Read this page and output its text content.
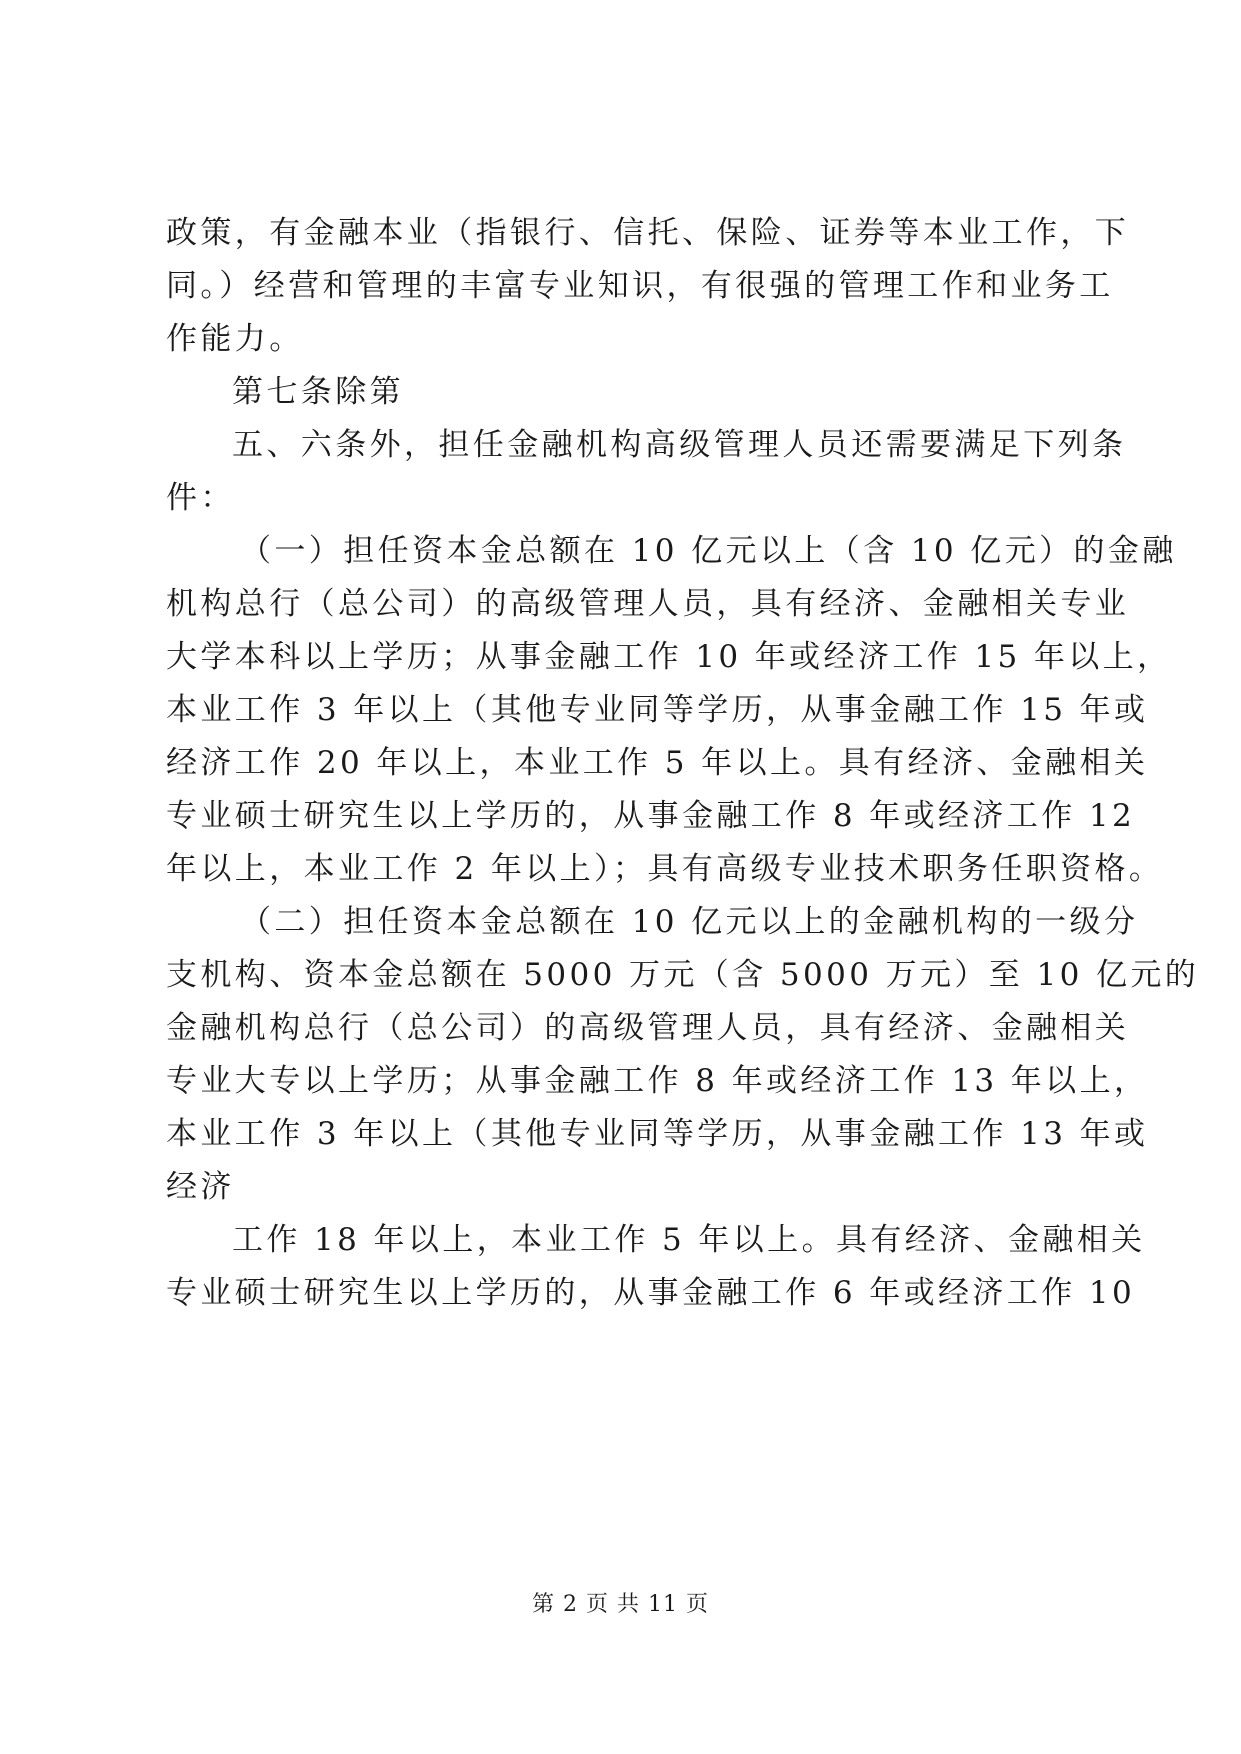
政策，有金融本业（指银行、信托、保险、证券等本业工作，下
同。）经营和管理的丰富专业知识，有很强的管理工作和业务工
作能力。
第七条除第
五、六条外，担任金融机构高级管理人员还需要满足下列条
件：
（一）担任资本金总额在 10 亿元以上（含 10 亿元）的金融
机构总行（总公司）的高级管理人员，具有经济、金融相关专业
大学本科以上学历；从事金融工作 10 年或经济工作 15 年以上，
本业工作 3 年以上（其他专业同等学历，从事金融工作 15 年或
经济工作 20 年以上，本业工作 5 年以上。具有经济、金融相关
专业硕士研究生以上学历的，从事金融工作 8 年或经济工作 12
年以上，本业工作 2 年以上）；具有高级专业技术职务任职资格。
（二）担任资本金总额在 10 亿元以上的金融机构的一级分
支机构、资本金总额在 5000 万元（含 5000 万元）至 10 亿元的
金融机构总行（总公司）的高级管理人员，具有经济、金融相关
专业大专以上学历；从事金融工作 8 年或经济工作 13 年以上，
本业工作 3 年以上（其他专业同等学历，从事金融工作 13 年或
经济
工作 18 年以上，本业工作 5 年以上。具有经济、金融相关
专业硕士研究生以上学历的，从事金融工作 6 年或经济工作 10
第 2 页 共 11 页
